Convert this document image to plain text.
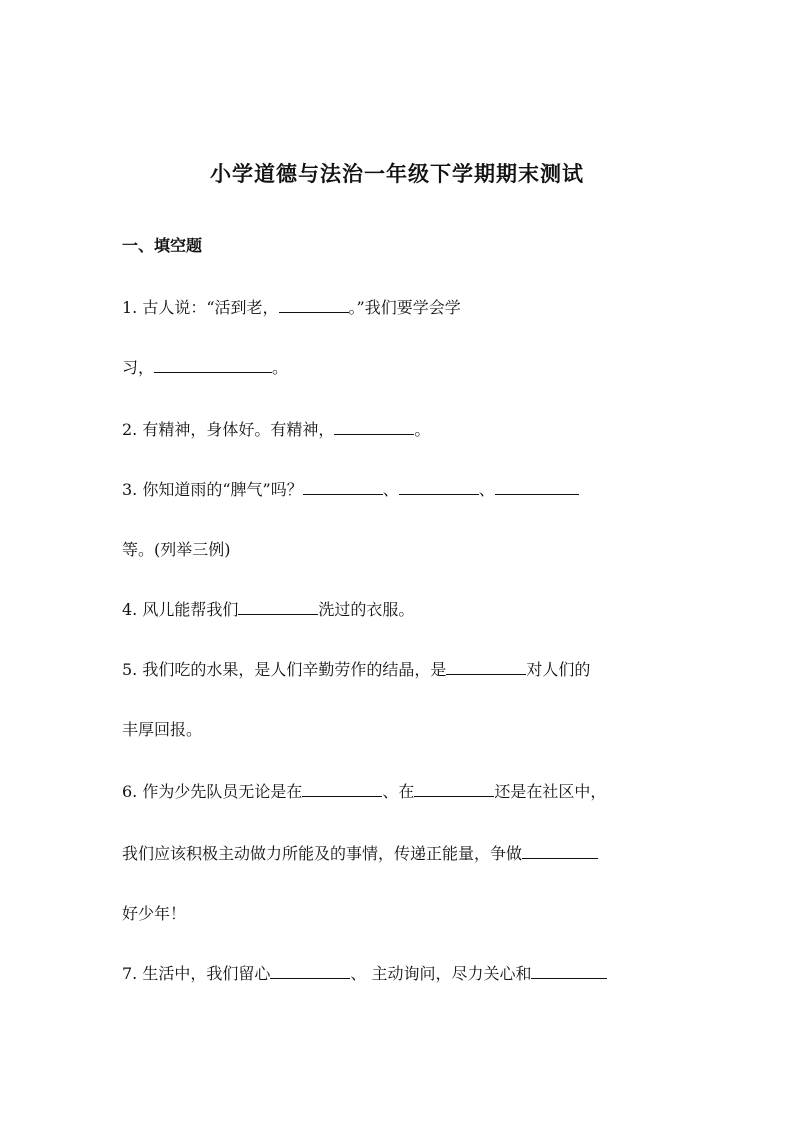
小学道德与法治一年级下学期期末测试
一、填空题
1. 古人说：“活到老，	。”我们要学会学
习，	。
2. 有精神，身体好。有精神，	。
3. 你知道雨的“脾气”吗？	、	、
等。(列举三例)
4. 风儿能帮我们	洗过的衣服。
5. 我们吃的水果，是人们辛勤劳作的结晶，是	对人们的
丰厚回报。
6. 作为少先队员无论是在	、在	还是在社区中，
我们应该积极主动做力所能及的事情，传递正能量，争做
好少年！
7. 生活中，我们留心	、 主动询问，尽力关心和
